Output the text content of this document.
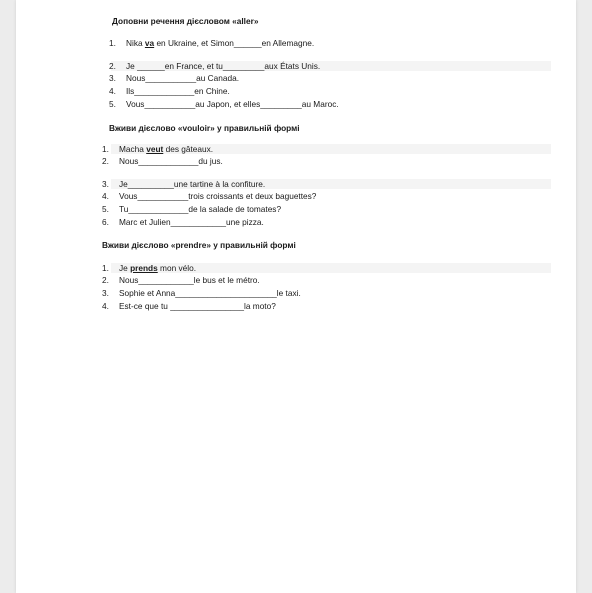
Доповни речення дієсловом «aller»
1. Nika va en Ukraine, et Simon______en Allemagne.
2. Je ______en France, et tu_________aux États Unis.
3. Nous___________au Canada.
4. Ils_____________en Chine.
5. Vous___________au Japon, et elles_________au Maroc.
Вживи дієслово «vouloir» у правильній формі
1. Macha veut des gâteaux.
2. Nous_____________du jus.
3. Je__________une tartine à la confiture.
4. Vous___________trois croissants et deux baguettes?
5. Tu_____________de la salade de tomates?
6. Marc et Julien____________une pizza.
Вживи дієслово «prendre» у правильній формі
1. Je prends mon vélo.
2. Nous____________le bus et le métro.
3. Sophie et Anna______________________le taxi.
4. Est-ce que tu ________________la moto?
